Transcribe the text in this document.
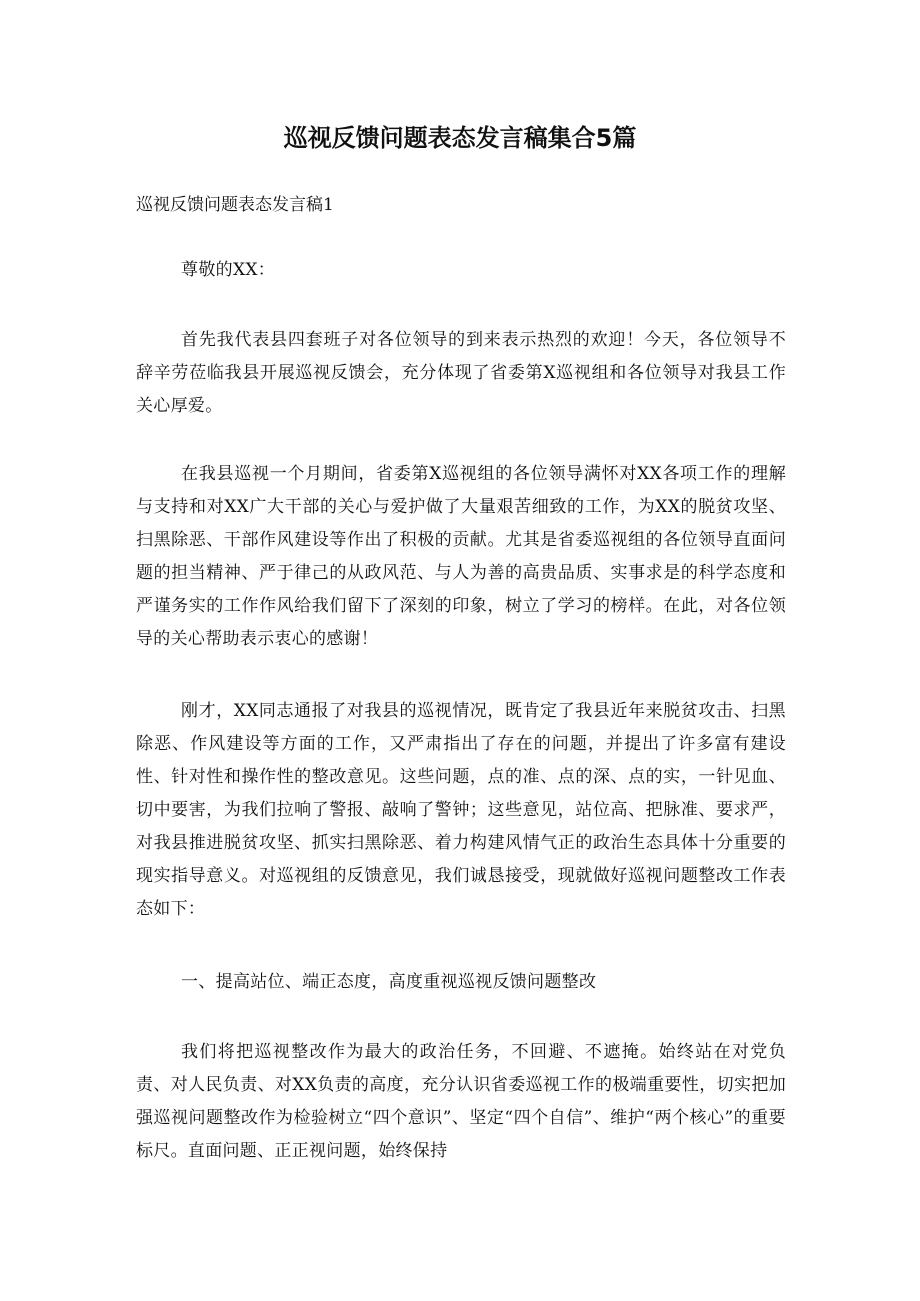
巡视反馈问题表态发言稿集合5篇

巡视反馈问题表态发言稿1

尊敬的XX：

首先我代表县四套班子对各位领导的到来表示热烈的欢迎！今天，各位领导不辞辛劳莅临我县开展巡视反馈会，充分体现了省委第X巡视组和各位领导对我县工作关心厚爱。

在我县巡视一个月期间，省委第X巡视组的各位领导满怀对XX各项工作的理解与支持和对XX广大干部的关心与爱护做了大量艰苦细致的工作，为XX的脱贫攻坚、扫黑除恶、干部作风建设等作出了积极的贡献。尤其是省委巡视组的各位领导直面问题的担当精神、严于律己的从政风范、与人为善的高贵品质、实事求是的科学态度和严谨务实的工作作风给我们留下了深刻的印象，树立了学习的榜样。在此，对各位领导的关心帮助表示衷心的感谢！

刚才，XX同志通报了对我县的巡视情况，既肯定了我县近年来脱贫攻击、扫黑除恶、作风建设等方面的工作，又严肃指出了存在的问题，并提出了许多富有建设性、针对性和操作性的整改意见。这些问题，点的准、点的深、点的实，一针见血、切中要害，为我们拉响了警报、敲响了警钟；这些意见，站位高、把脉准、要求严，对我县推进脱贫攻坚、抓实扫黑除恶、着力构建风情气正的政治生态具体十分重要的现实指导意义。对巡视组的反馈意见，我们诚恳接受，现就做好巡视问题整改工作表态如下：

一、提高站位、端正态度，高度重视巡视反馈问题整改

我们将把巡视整改作为最大的政治任务，不回避、不遮掩。始终站在对党负责、对人民负责、对XX负责的高度，充分认识省委巡视工作的极端重要性，切实把加强巡视问题整改作为检验树立“四个意识”、坚定“四个自信”、维护“两个核心”的重要标尺。直面问题、正正视问题，始终保持
